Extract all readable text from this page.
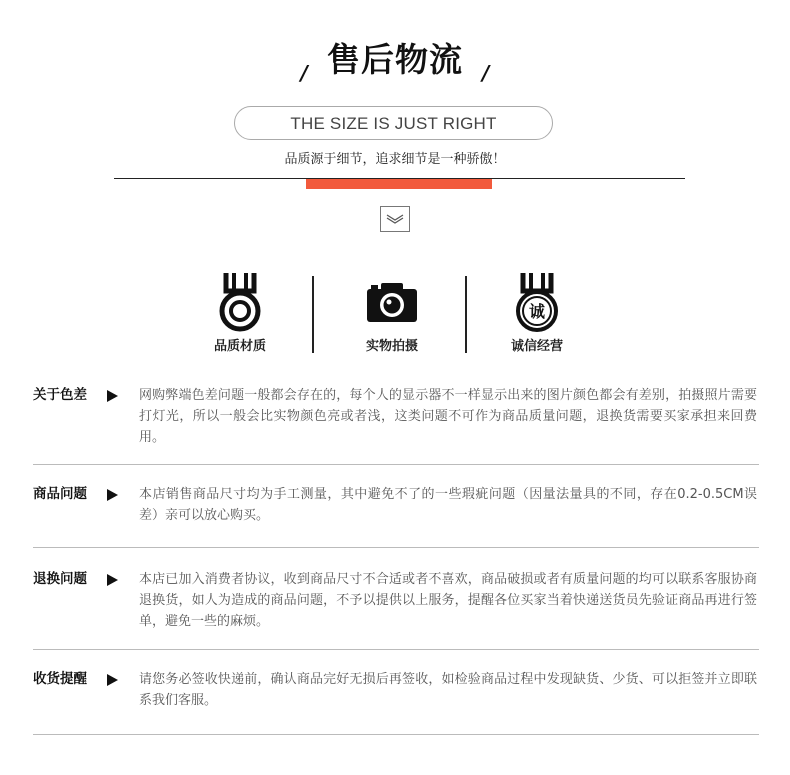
/ 售后物流 /
THE SIZE IS JUST RIGHT
品质源于细节，追求细节是一种骄傲！
品质材质	实物拍摄
诚
诚信经营
关于色差	网购弊端色差问题一般都会存在的，每个人的显示器不一样显示出来的图片颜色都会有差别，拍摄照片需要打灯光，所以一般会比实物颜色亮或者浅，这类问题不可作为商品质量问题，退换货需要买家承担来回费用。
商品问题	本店销售商品尺寸均为手工测量，其中避免不了的一些瑕疵问题（因量法量具的不同，存在0.2-0.5CM误差）亲可以放心购买。
退换问题	本店已加入消费者协议，收到商品尺寸不合适或者不喜欢，商品破损或者有质量问题的均可以联系客服协商退换货，如人为造成的商品问题，不予以提供以上服务，提醒各位买家当着快递送货员先验证商品再进行签单，避免一些的麻烦。
收货提醒	请您务必签收快递前，确认商品完好无损后再签收，如检验商品过程中发现缺货、少货、可以拒签并立即联系我们客服。
